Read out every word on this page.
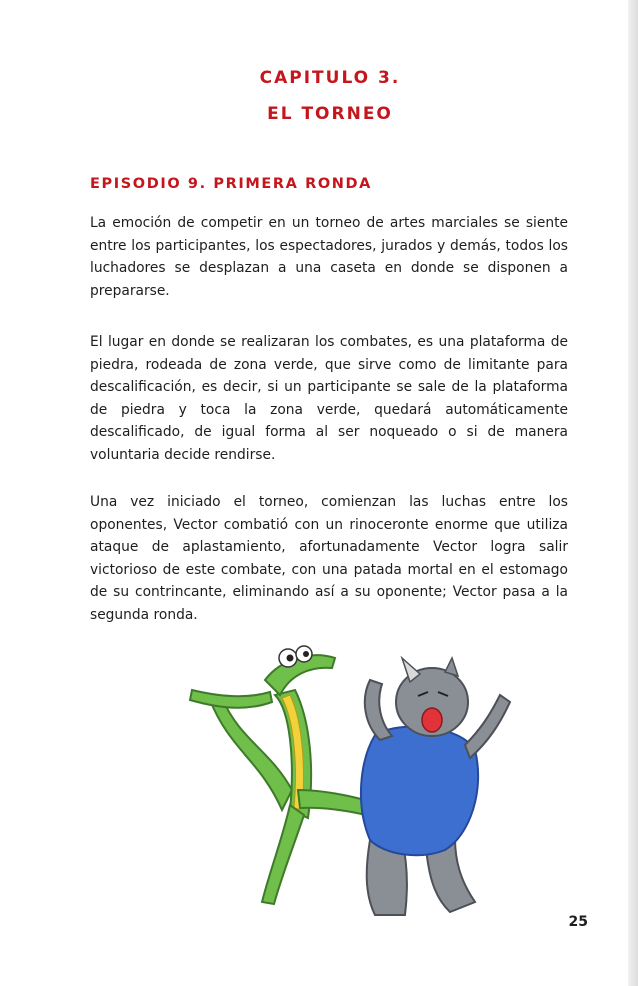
CAPITULO 3.
EL TORNEO
EPISODIO 9. PRIMERA RONDA

La emoción de competir en un torneo de artes marciales se siente entre los participantes, los espectadores, jurados y demás, todos los luchadores se desplazan a una caseta en donde se disponen a prepararse.

El lugar en donde se realizaran los combates, es una plataforma de piedra, rodeada de zona verde, que sirve como de limitante para descalificación, es decir, si un participante se sale de la plataforma de piedra y toca la zona verde, quedará automáticamente descalificado, de igual forma al ser noqueado o si de manera voluntaria decide rendirse.

Una vez iniciado el torneo, comienzan las luchas entre los oponentes, Vector combatió con un rinoceronte enorme que utiliza ataque de aplastamiento, afortunadamente Vector logra salir victorioso de este combate, con una patada mortal en el estomago de su contrincante, eliminando así a su oponente; Vector pasa a la segunda ronda.

25
